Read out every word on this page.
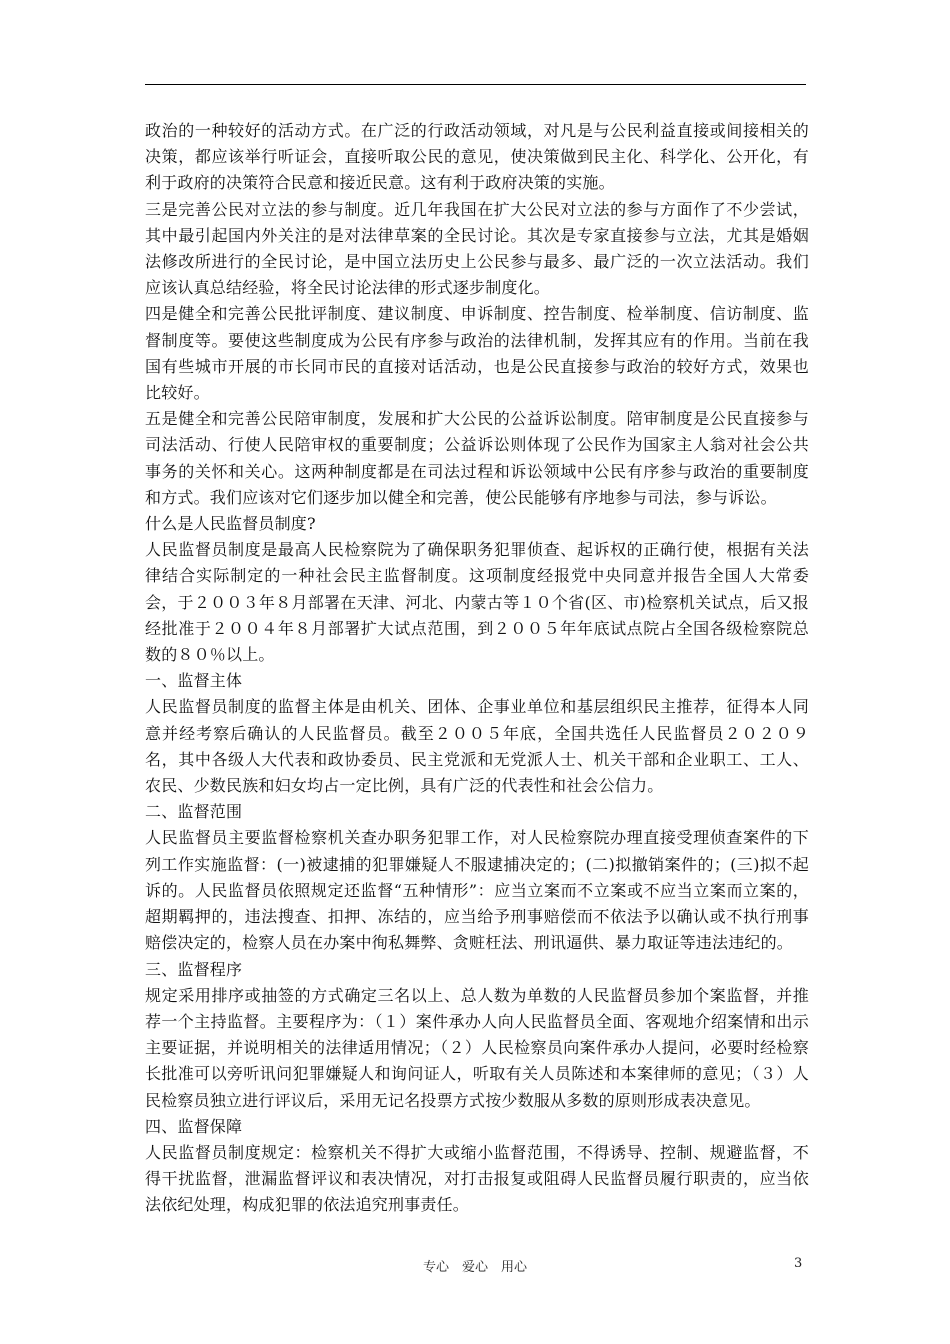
政治的一种较好的活动方式。在广泛的行政活动领域，对凡是与公民利益直接或间接相关的决策，都应该举行听证会，直接听取公民的意见，使决策做到民主化、科学化、公开化，有利于政府的决策符合民意和接近民意。这有利于政府决策的实施。

三是完善公民对立法的参与制度。近几年我国在扩大公民对立法的参与方面作了不少尝试，其中最引起国内外关注的是对法律草案的全民讨论。其次是专家直接参与立法，尤其是婚姻法修改所进行的全民讨论，是中国立法历史上公民参与最多、最广泛的一次立法活动。我们应该认真总结经验，将全民讨论法律的形式逐步制度化。

四是健全和完善公民批评制度、建议制度、申诉制度、控告制度、检举制度、信访制度、监督制度等。要使这些制度成为公民有序参与政治的法律机制，发挥其应有的作用。当前在我国有些城市开展的市长同市民的直接对话活动，也是公民直接参与政治的较好方式，效果也比较好。

五是健全和完善公民陪审制度，发展和扩大公民的公益诉讼制度。陪审制度是公民直接参与司法活动、行使人民陪审权的重要制度；公益诉讼则体现了公民作为国家主人翁对社会公共事务的关怀和关心。这两种制度都是在司法过程和诉讼领域中公民有序参与政治的重要制度和方式。我们应该对它们逐步加以健全和完善，使公民能够有序地参与司法，参与诉讼。

什么是人民监督员制度?

人民监督员制度是最高人民检察院为了确保职务犯罪侦查、起诉权的正确行使，根据有关法律结合实际制定的一种社会民主监督制度。这项制度经报党中央同意并报告全国人大常委会，于２００３年８月部署在天津、河北、内蒙古等１０个省(区、市)检察机关试点，后又报经批准于２００４年８月部署扩大试点范围，到２００５年年底试点院占全国各级检察院总数的８０％以上。

一、监督主体

人民监督员制度的监督主体是由机关、团体、企事业单位和基层组织民主推荐，征得本人同意并经考察后确认的人民监督员。截至２００５年底，全国共选任人民监督员２０２０９名，其中各级人大代表和政协委员、民主党派和无党派人士、机关干部和企业职工、工人、农民、少数民族和妇女均占一定比例，具有广泛的代表性和社会公信力。

二、监督范围

人民监督员主要监督检察机关查办职务犯罪工作，对人民检察院办理直接受理侦查案件的下列工作实施监督：(一)被逮捕的犯罪嫌疑人不服逮捕决定的；(二)拟撤销案件的；(三)拟不起诉的。人民监督员依照规定还监督“五种情形”：应当立案而不立案或不应当立案而立案的，超期羁押的，违法搜查、扣押、冻结的，应当给予刑事赔偿而不依法予以确认或不执行刑事赔偿决定的，检察人员在办案中徇私舞弊、贪赃枉法、刑讯逼供、暴力取证等违法违纪的。

三、监督程序

规定采用排序或抽签的方式确定三名以上、总人数为单数的人民监督员参加个案监督，并推荐一个主持监督。主要程序为：（１）案件承办人向人民监督员全面、客观地介绍案情和出示主要证据，并说明相关的法律适用情况；（２）人民检察员向案件承办人提问，必要时经检察长批准可以旁听讯问犯罪嫌疑人和询问证人，听取有关人员陈述和本案律师的意见；（３）人民检察员独立进行评议后，采用无记名投票方式按少数服从多数的原则形成表决意见。

四、监督保障

人民监督员制度规定：检察机关不得扩大或缩小监督范围，不得诱导、控制、规避监督，不得干扰监督，泄漏监督评议和表决情况，对打击报复或阻碍人民监督员履行职责的，应当依法依纪处理，构成犯罪的依法追究刑事责任。

专心　爱心　用心	3
